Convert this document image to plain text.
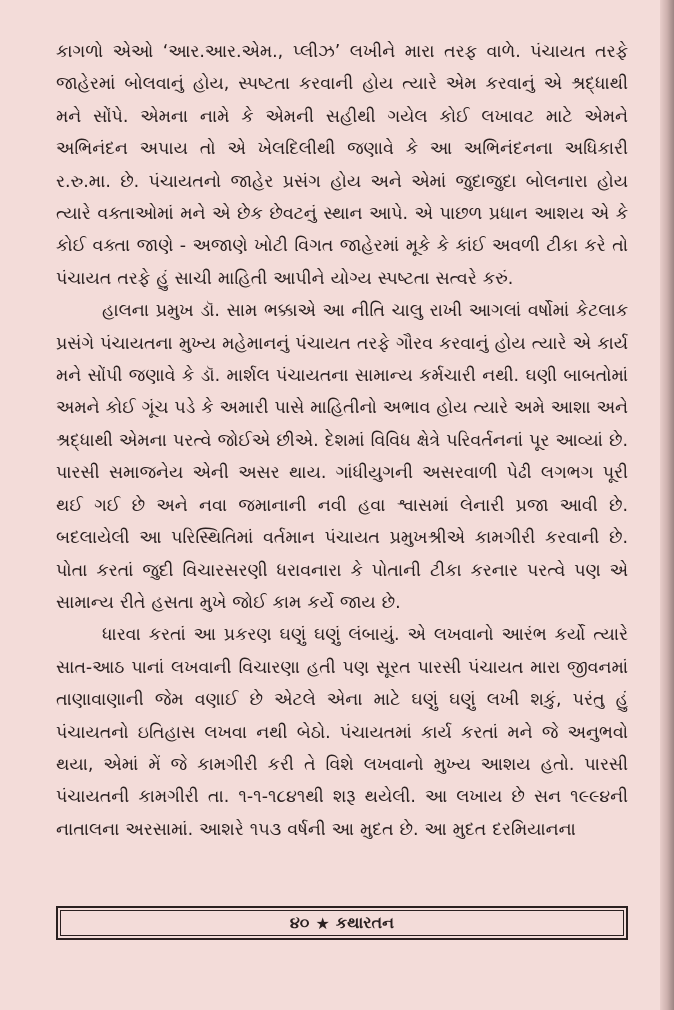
કાગળો એઓ ‘આર.આર.એમ., પ્લીઝ’ લખીને મારા તરફ વાળે. પંચાયત તરફે જાહેરમાં બોલવાનું હોય, સ્પષ્ટતા કરવાની હોય ત્યારે એમ કરવાનું એ શ્રદ્ધાથી મને સોંપે. એમના નામે કે એમની સહીથી ગયેલ કોઈ લખાવટ માટે એમને અભિનંદન અપાય તો એ ખેલદિલીથી જણાવે કે આ અભિનંદનના અધિકારી ર.રુ.મા. છે. પંચાયતનો જાહેર પ્રસંગ હોય અને એમાં જુદાજુદા બોલનારા હોય ત્યારે વક્તાઓમાં મને એ છેક છેવટનું સ્થાન આપે. એ પાછળ પ્રધાન આશય એ કે કોઈ વક્તા જાણે - અજાણે ખોટી વિગત જાહેરમાં મૂકે કે કાંઈ અવળી ટીકા કરે તો પંચાયત તરફે હું સાચી માહિતી આપીને યોગ્ય સ્પષ્ટતા સત્વરે કરું.

હાલના પ્રમુખ ડૉ. સામ ભક્કાએ આ નીતિ ચાલુ રાખી આગલાં વર્ષોમાં કેટલાક પ્રસંગે પંચાયતના મુખ્ય મહેમાનનું પંચાયત તરફે ગૌરવ કરવાનું હોય ત્યારે એ કાર્ય મને સોંપી જણાવે કે ડૉ. માર્શલ પંચાયતના સામાન્ય કર્મચારી નથી. ઘણી બાબતોમાં અમને કોઈ ગૂંચ પડે કે અમારી પાસે માહિતીનો અભાવ હોય ત્યારે અમે આશા અને શ્રદ્ધાથી એમના પરત્વે જોઈએ છીએ. દેશમાં વિવિધ ક્ષેત્રે પરિવર્તનનાં પૂર આવ્યાં છે. પારસી સમાજનેય એની અસર થાય. ગાંધીયુગની અસરવાળી પેઢી લગભગ પૂરી થઈ ગઈ છે અને નવા જમાનાની નવી હવા શ્વાસમાં લેનારી પ્રજા આવી છે. બદલાયેલી આ પરિસ્થિતિમાં વર્તમાન પંચાયત પ્રમુખશ્રીએ કામગીરી કરવાની છે. પોતા કરતાં જુદી વિચારસરણી ધરાવનારા કે પોતાની ટીકા કરનાર પરત્વે પણ એ સામાન્ય રીતે હસતા મુખે જોઈ કામ કર્યે જાય છે.

ધારવા કરતાં આ પ્રકરણ ઘણું ઘણું લંબાયું. એ લખવાનો આરંભ કર્યો ત્યારે સાત-આઠ પાનાં લખવાની વિચારણા હતી પણ સૂરત પારસી પંચાયત મારા જીવનમાં તાણાવાણાની જેમ વણાઈ છે એટલે એના માટે ઘણું ઘણું લખી શકું, પરંતુ હું પંચાયતનો ઇતિહાસ લખવા નથી બેઠો. પંચાયતમાં કાર્ય કરતાં મને જે અનુભવો થયા, એમાં મેં જે કામગીરી કરી તે વિશે લખવાનો મુખ્ય આશય હતો. પારસી પંચાયતની કામગીરી તા. ૧-૧-૧૮૪૧થી શરૂ થયેલી. આ લખાય છે સન ૧૯૯૪ની નાતાલના અરસામાં. આશરે ૧૫૩ વર્ષની આ મુદત છે. આ મુદત દરમિયાનના

૪૦ ★ કથારતન
